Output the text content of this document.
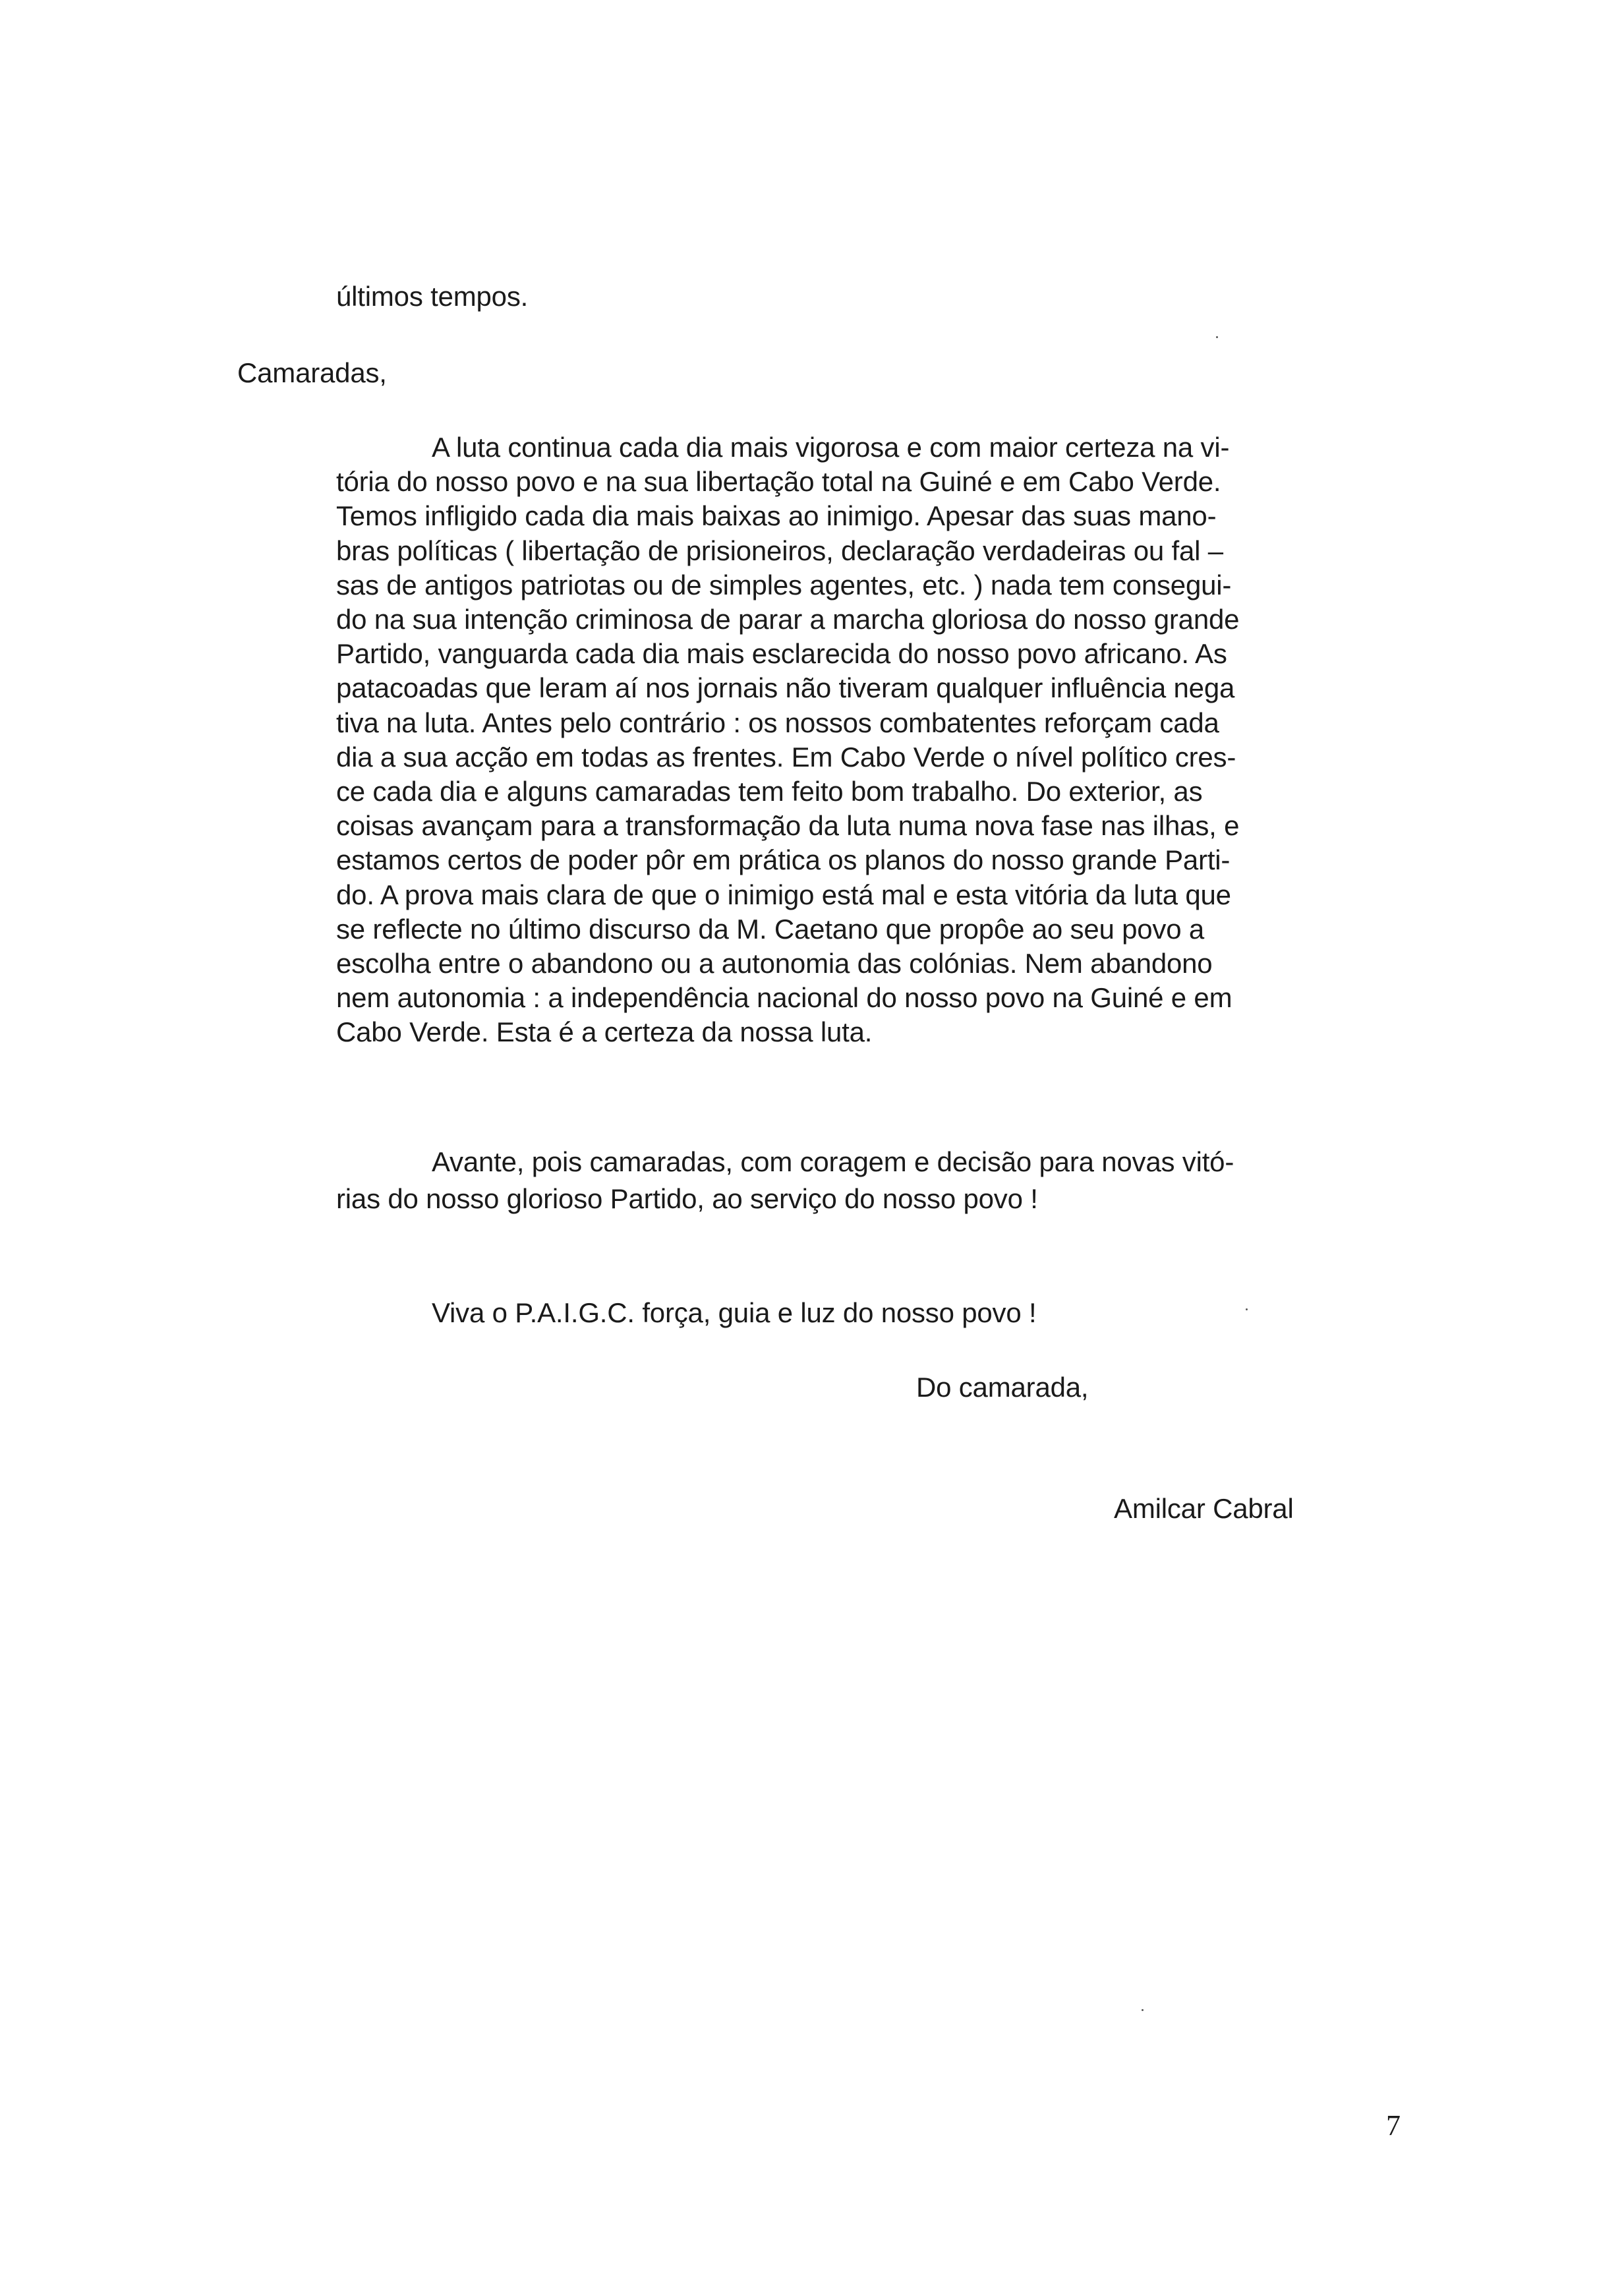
últimos tempos.
Camaradas,
A luta continua cada dia mais vigorosa e com maior certeza na vi-
tória do nosso povo e na sua libertação total na Guiné e em Cabo Verde.
Temos infligido cada dia mais baixas ao inimigo. Apesar das suas mano-
bras políticas ( libertação de prisioneiros, declaração verdadeiras ou fal –
sas de antigos patriotas ou de simples agentes, etc. ) nada tem consegui-
do na sua intenção criminosa de parar a marcha gloriosa do nosso grande
Partido, vanguarda cada dia mais esclarecida do nosso povo africano. As
patacoadas que leram aí nos jornais não tiveram qualquer influência nega
tiva na luta. Antes pelo contrário : os nossos combatentes reforçam cada
dia a sua acção em todas as frentes. Em Cabo Verde o nível político cres-
ce cada dia e alguns camaradas tem feito bom trabalho. Do exterior, as
coisas avançam para a transformação da luta numa nova fase nas ilhas, e
estamos certos de poder pôr em prática os planos do nosso grande Parti-
do. A prova mais clara de que o inimigo está mal e esta vitória da luta que
se reflecte no último discurso da M. Caetano que propôe ao seu povo a
escolha entre o abandono ou a autonomia das colónias. Nem abandono
nem autonomia : a independência nacional do nosso povo na Guiné e em
Cabo Verde. Esta é a certeza da nossa luta.
Avante, pois camaradas, com coragem e decisão para novas vitó-
rias do nosso glorioso Partido, ao serviço do nosso povo !
Viva o P.A.I.G.C. força, guia e luz do nosso povo !
Do camarada,
Amilcar Cabral
7
